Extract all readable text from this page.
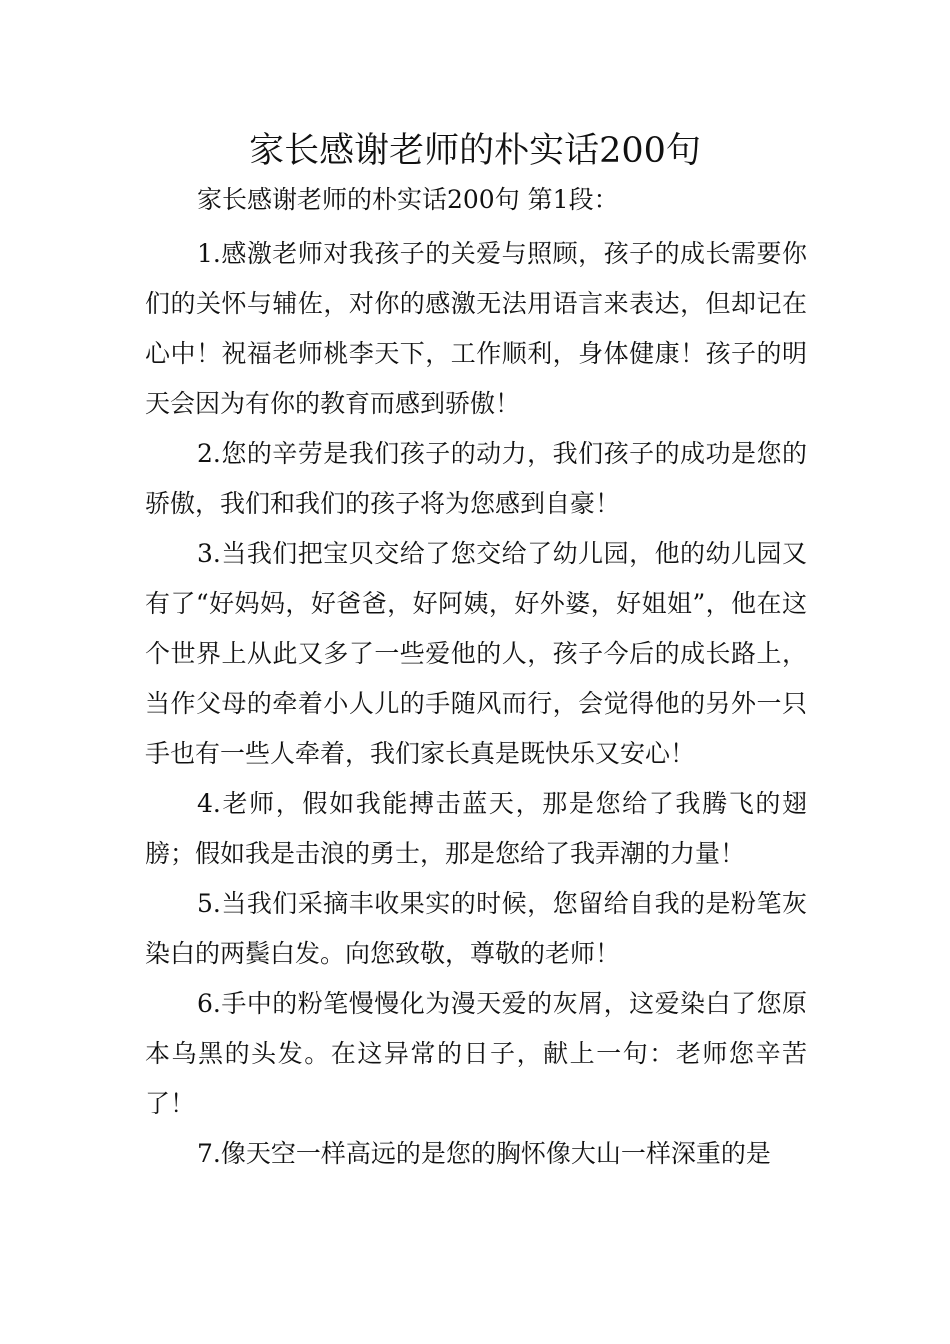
家长感谢老师的朴实话200句

家长感谢老师的朴实话200句 第1段：

1.感激老师对我孩子的关爱与照顾，孩子的成长需要你们的关怀与辅佐，对你的感激无法用语言来表达，但却记在心中！祝福老师桃李天下，工作顺利，身体健康！孩子的明天会因为有你的教育而感到骄傲！

2.您的辛劳是我们孩子的动力，我们孩子的成功是您的骄傲，我们和我们的孩子将为您感到自豪！

3.当我们把宝贝交给了您交给了幼儿园，他的幼儿园又有了“好妈妈，好爸爸，好阿姨，好外婆，好姐姐”，他在这个世界上从此又多了一些爱他的人，孩子今后的成长路上，当作父母的牵着小人儿的手随风而行，会觉得他的另外一只手也有一些人牵着，我们家长真是既快乐又安心！

4.老师，假如我能搏击蓝天，那是您给了我腾飞的翅膀；假如我是击浪的勇士，那是您给了我弄潮的力量！

5.当我们采摘丰收果实的时候，您留给自我的是粉笔灰染白的两鬓白发。向您致敬，尊敬的老师！

6.手中的粉笔慢慢化为漫天爱的灰屑，这爱染白了您原本乌黑的头发。在这异常的日子，献上一句：老师您辛苦了！

7.像天空一样高远的是您的胸怀像大山一样深重的是
